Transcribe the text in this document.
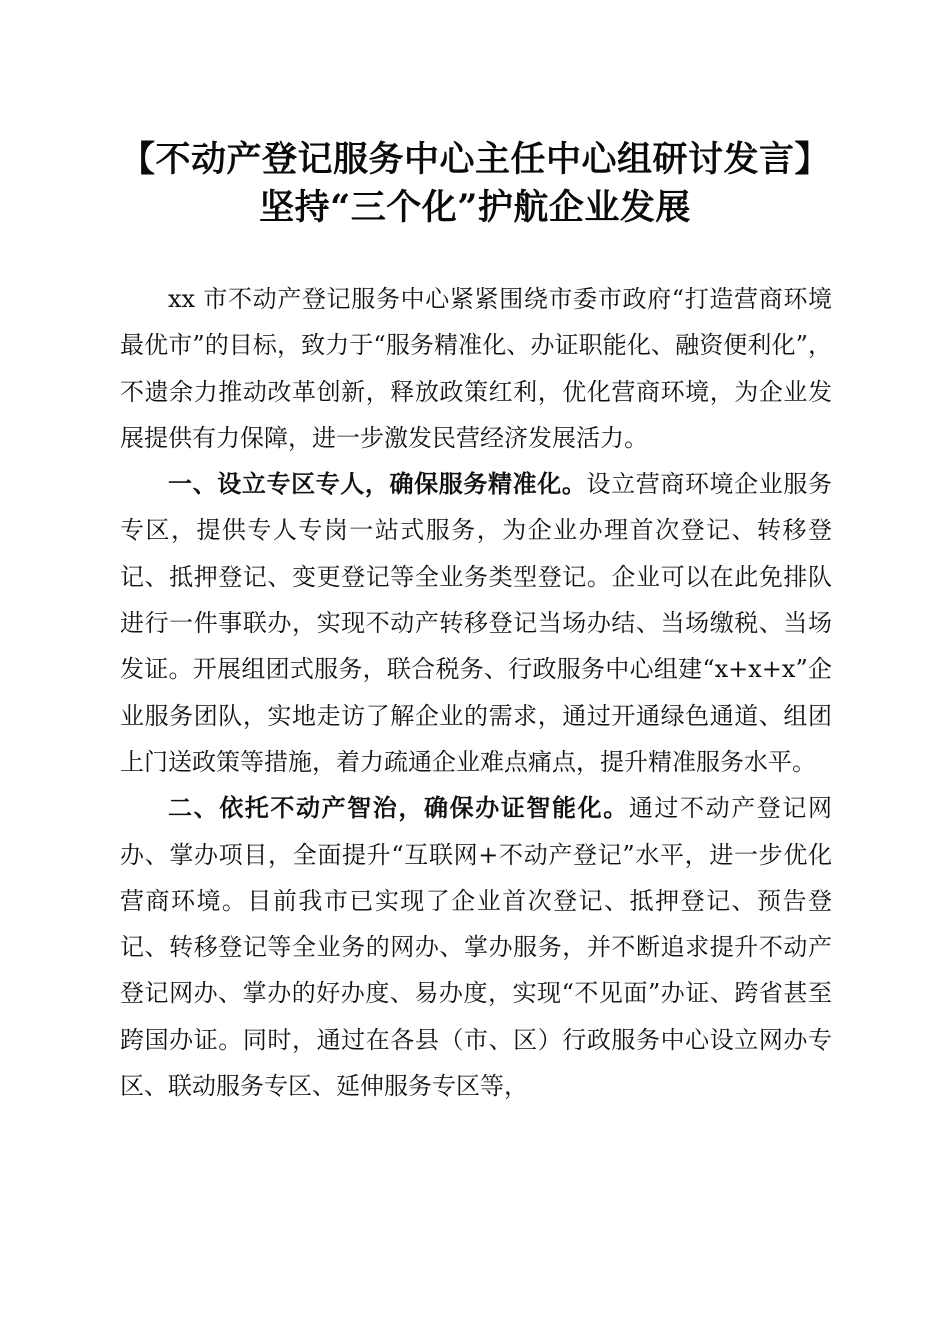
【不动产登记服务中心主任中心组研讨发言】
坚持“三个化”护航企业发展

xx 市不动产登记服务中心紧紧围绕市委市政府“打造营商环境最优市”的目标，致力于“服务精准化、办证职能化、融资便利化”，不遗余力推动改革创新，释放政策红利，优化营商环境，为企业发展提供有力保障，进一步激发民营经济发展活力。

一、设立专区专人，确保服务精准化。设立营商环境企业服务专区，提供专人专岗一站式服务，为企业办理首次登记、转移登记、抵押登记、变更登记等全业务类型登记。企业可以在此免排队进行一件事联办，实现不动产转移登记当场办结、当场缴税、当场发证。开展组团式服务，联合税务、行政服务中心组建“x+x+x”企业服务团队，实地走访了解企业的需求，通过开通绿色通道、组团上门送政策等措施，着力疏通企业难点痛点，提升精准服务水平。

二、依托不动产智治，确保办证智能化。通过不动产登记网办、掌办项目，全面提升“互联网+不动产登记”水平，进一步优化营商环境。目前我市已实现了企业首次登记、抵押登记、预告登记、转移登记等全业务的网办、掌办服务，并不断追求提升不动产登记网办、掌办的好办度、易办度，实现“不见面”办证、跨省甚至跨国办证。同时，通过在各县（市、区）行政服务中心设立网办专区、联动服务专区、延伸服务专区等，
